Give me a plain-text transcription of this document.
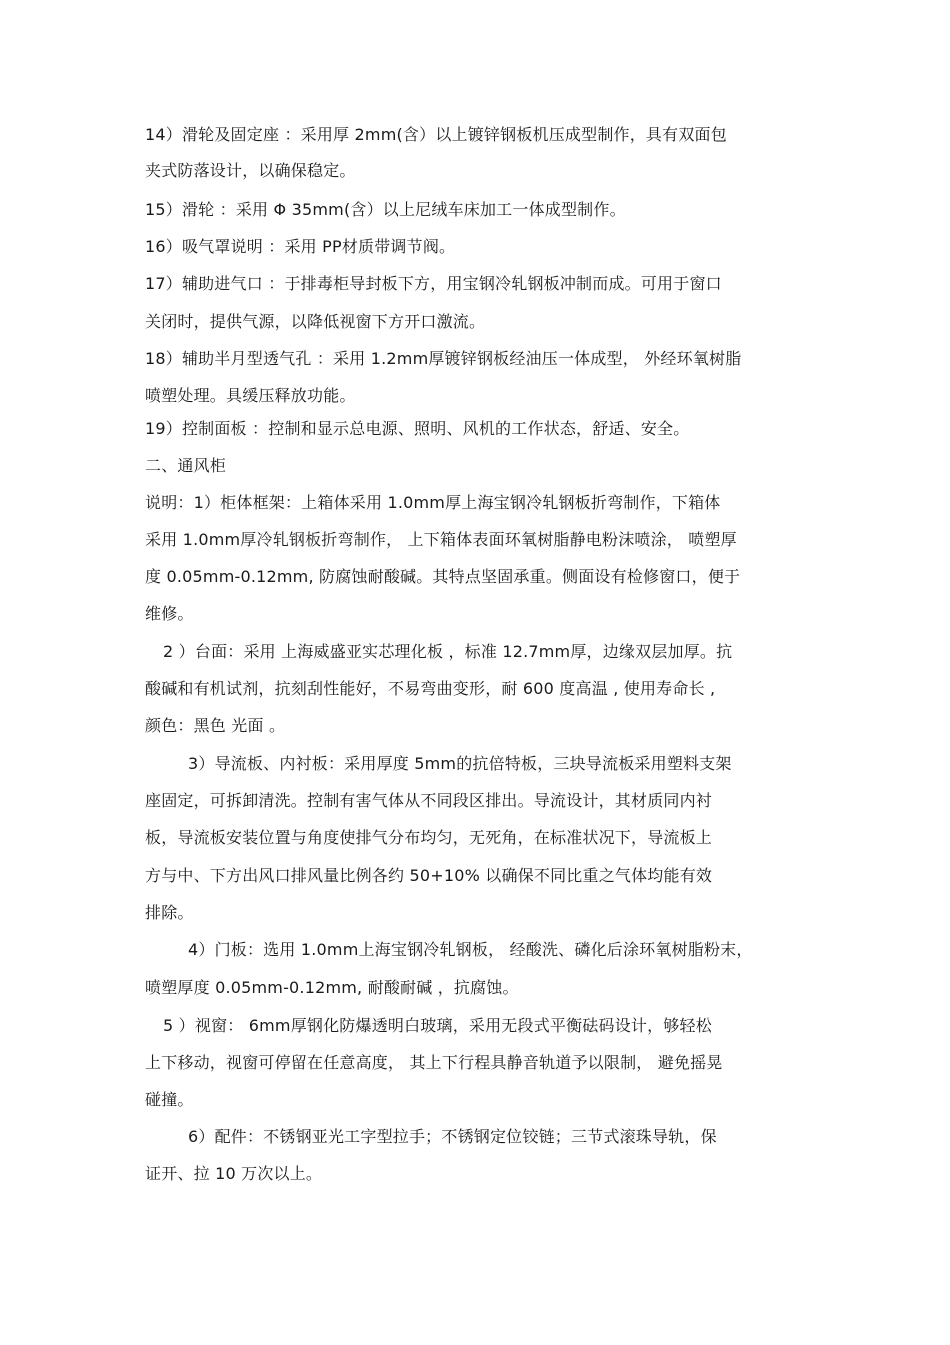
14）滑轮及固定座 ：采用厚 2mm(含）以上镀锌钢板机压成型制作，具有双面包

夹式防落设计，以确保稳定。

15）滑轮 ：采用 Φ 35mm(含）以上尼绒车床加工一体成型制作。

16）吸气罩说明 ：采用 PP材质带调节阀。

17）辅助进气口 ：于排毒柜导封板下方，用宝钢冷轧钢板冲制而成。可用于窗口

关闭时，提供气源，以降低视窗下方开口激流。

18）辅助半月型透气孔 ：采用 1.2mm厚镀锌钢板经油压一体成型， 外经环氧树脂

喷塑处理。具缓压释放功能。

19）控制面板 ：控制和显示总电源、照明、风机的工作状态，舒适、安全。

二、通风柜

说明：1）柜体框架：上箱体采用 1.0mm厚上海宝钢冷轧钢板折弯制作，下箱体

采用 1.0mm厚冷轧钢板折弯制作， 上下箱体表面环氧树脂静电粉沫喷涂， 喷塑厚

度 0.05mm-0.12mm, 防腐蚀耐酸碱。其特点坚固承重。侧面设有检修窗口，便于

维修。

2 ）台面：采用 上海威盛亚实芯理化板 ，标准 12.7mm厚，边缘双层加厚。抗

酸碱和有机试剂，抗刻刮性能好，不易弯曲变形，耐 600 度高温 , 使用寿命长 ,

颜色：黑色 光面 。

3）导流板、内衬板：采用厚度 5mm的抗倍特板，三块导流板采用塑料支架

座固定，可拆卸清洗。控制有害气体从不同段区排出。导流设计，其材质同内衬

板，导流板安装位置与角度使排气分布均匀，无死角，在标准状况下，导流板上

方与中、下方出风口排风量比例各约 50+10% 以确保不同比重之气体均能有效

排除。

4）门板：选用 1.0mm上海宝钢冷轧钢板， 经酸洗、磷化后涂环氧树脂粉末，

喷塑厚度 0.05mm-0.12mm, 耐酸耐碱 ，抗腐蚀。

5 ）视窗： 6mm厚钢化防爆透明白玻璃，采用无段式平衡砝码设计，够轻松

上下移动，视窗可停留在任意高度， 其上下行程具静音轨道予以限制， 避免摇晃

碰撞。

6）配件：不锈钢亚光工字型拉手；不锈钢定位铰链；三节式滚珠导轨，保

证开、拉 10 万次以上。
